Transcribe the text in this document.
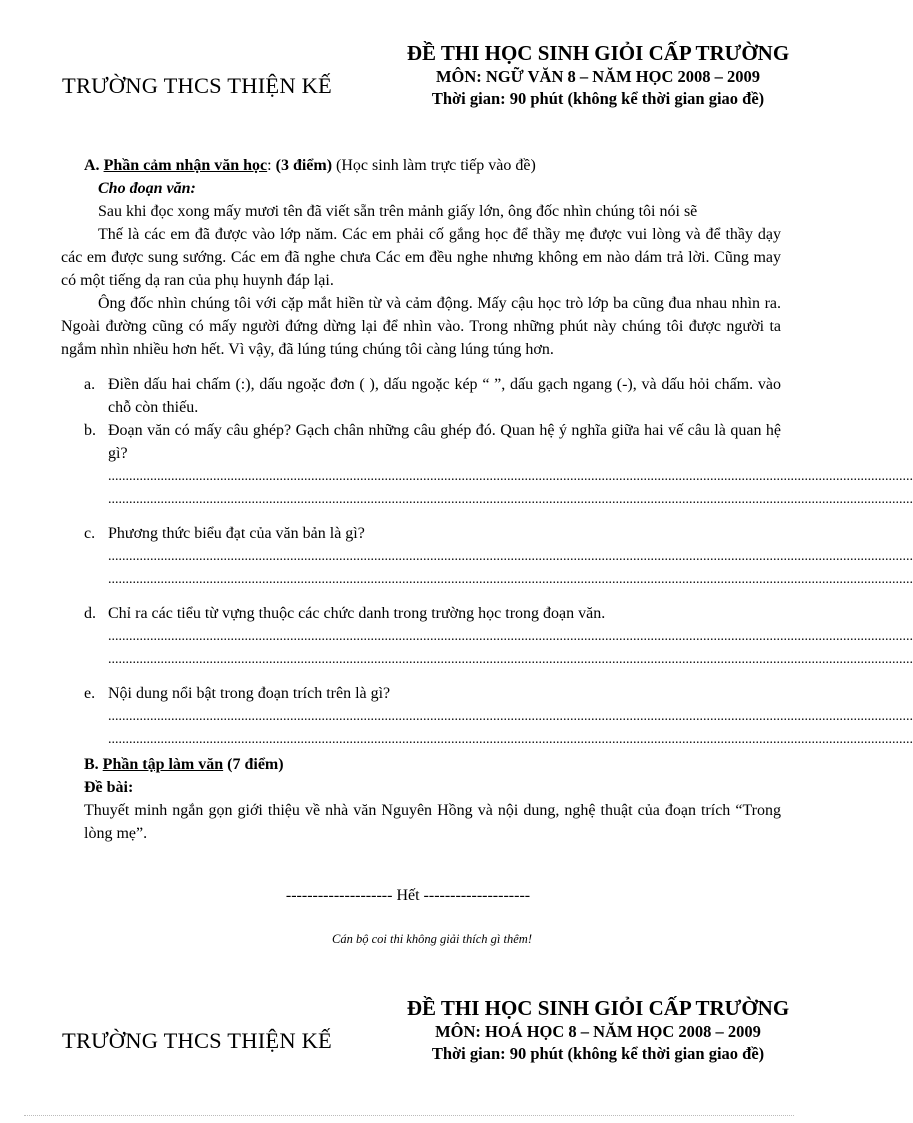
TRƯỜNG THCS THIỆN KẾ
ĐỀ THI HỌC SINH GIỎI CẤP TRƯỜNG
MÔN: NGỮ VĂN 8 – NĂM HỌC 2008 – 2009
Thời gian: 90 phút (không kể thời gian giao đề)

A. Phần cảm nhận văn học: (3 điểm) (Học sinh làm trực tiếp vào đề)

Cho đoạn văn:

Sau khi đọc xong mấy mươi tên đã viết sẵn trên mảnh giấy lớn, ông đốc nhìn chúng tôi nói sẽ

Thế là các em đã được vào lớp năm. Các em phải cố gắng học để thầy mẹ được vui lòng và để thầy dạy các em được sung sướng. Các em đã nghe chưa Các em đều nghe nhưng không em nào dám trả lời. Cũng may có một tiếng dạ ran của phụ huynh đáp lại.

Ông đốc nhìn chúng tôi với cặp mắt hiền từ và cảm động. Mấy cậu học trò lớp ba cũng đua nhau nhìn ra. Ngoài đường cũng có mấy người đứng dừng lại để nhìn vào. Trong những phút này chúng tôi được người ta ngắm nhìn nhiều hơn hết. Vì vậy, đã lúng túng chúng tôi càng lúng túng hơn.

a. Điền dấu hai chấm (:), dấu ngoặc đơn ( ), dấu ngoặc kép “ ”, dấu gạch ngang (-), và dấu hỏi chấm. vào chỗ còn thiếu.
b. Đoạn văn có mấy câu ghép? Gạch chân những câu ghép đó. Quan hệ ý nghĩa giữa hai vế câu là quan hệ gì?
......................................................................................................................................................................................................................................
......................................................................................................................................................................................................................................
c. Phương thức biểu đạt của văn bản là gì?
......................................................................................................................................................................................................................................
......................................................................................................................................................................................................................................
d. Chỉ ra các tiểu từ vựng thuộc các chức danh trong trường học trong đoạn văn.
......................................................................................................................................................................................................................................
......................................................................................................................................................................................................................................
e. Nội dung nổi bật trong đoạn trích trên là gì?
......................................................................................................................................................................................................................................
......................................................................................................................................................................................................................................

B. Phần tập làm văn (7 điểm)

Đề bài:

Thuyết minh ngắn gọn giới thiệu về nhà văn Nguyên Hồng và nội dung, nghệ thuật của đoạn trích “Trong lòng mẹ”.

-------------------- Hết --------------------
Cán bộ coi thi không giải thích gì thêm!
TRƯỜNG THCS THIỆN KẾ
ĐỀ THI HỌC SINH GIỎI CẤP TRƯỜNG
MÔN: HOÁ HỌC 8 – NĂM HỌC 2008 – 2009
Thời gian: 90 phút (không kể thời gian giao đề)
